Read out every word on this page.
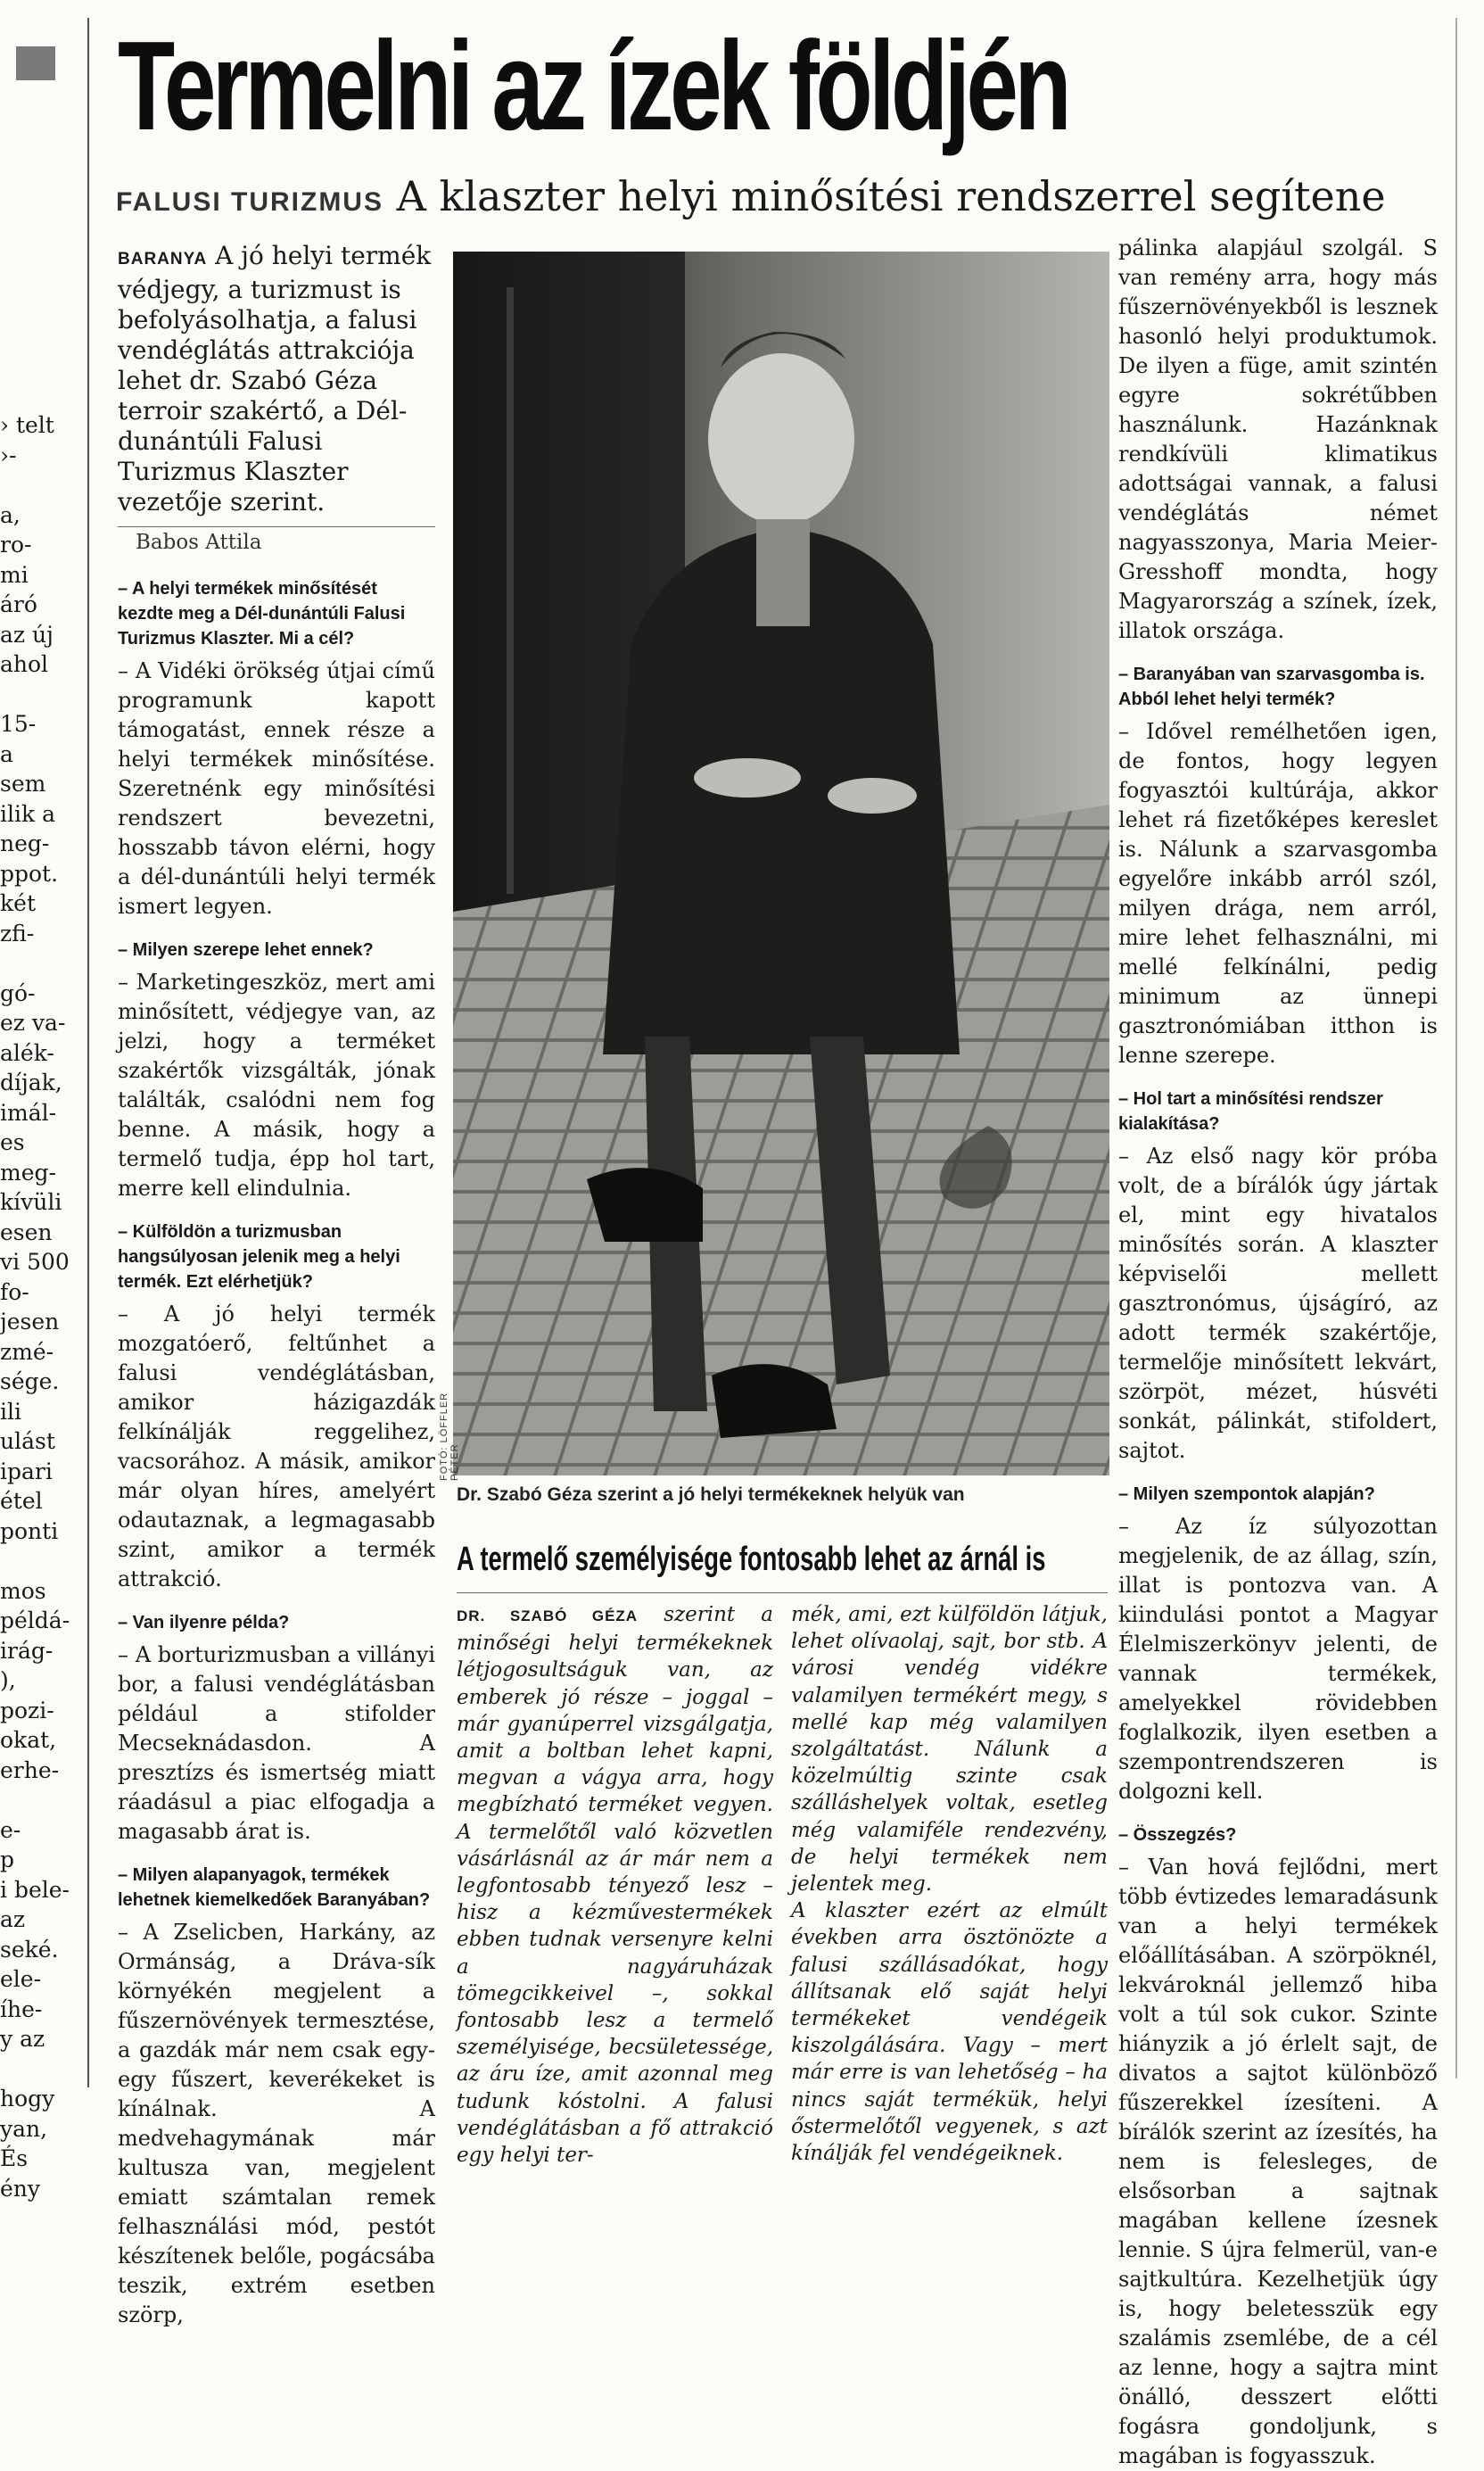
Termelni az ízek földjén
FALUSI TURIZMUS A klaszter helyi minősítési rendszerrel segítene
› telt
›-
a,
ro-
mi
áró
az új
ahol
15-
a
sem
ilik a
neg-
ppot.
két
zfi-
gó-
ez va-
alék-
díjak,
imál-
es
meg-
kívüli
esen
vi 500
fo-
jesen
zmé-
sége.
ili
ulást
ipari
étel
ponti
mos
példá-
irág-
),
pozi-
okat,
erhe-
e-
p
i bele-
az
seké.
ele-
íhe-
y az
hogy
yan,
És
ény
BARANYA A jó helyi termék védjegy, a turizmust is befolyásolhatja, a falusi vendéglátás attrakciója lehet dr. Szabó Géza terroir szakértő, a Dél-dunántúli Falusi Turizmus Klaszter vezetője szerint.
Babos Attila
– A helyi termékek minősítését kezdte meg a Dél-dunántúli Falusi Turizmus Klaszter. Mi a cél?

– A Vidéki örökség útjai című programunk kapott támogatást, ennek része a helyi termékek minősítése. Szeretnénk egy minősítési rendszert bevezetni, hosszabb távon elérni, hogy a dél-dunántúli helyi termék ismert legyen.

– Milyen szerepe lehet ennek?

– Marketingeszköz, mert ami minősített, védjegye van, az jelzi, hogy a terméket szakértők vizsgálták, jónak találták, csalódni nem fog benne. A másik, hogy a termelő tudja, épp hol tart, merre kell elindulnia.

– Külföldön a turizmusban hangsúlyosan jelenik meg a helyi termék. Ezt elérhetjük?

– A jó helyi termék mozgatóerő, feltűnhet a falusi vendéglátásban, amikor házigazdák felkínálják reggelihez, vacsorához. A másik, amikor már olyan híres, amelyért odautaznak, a legmagasabb szint, amikor a termék attrakció.

– Van ilyenre példa?

– A borturizmusban a villányi bor, a falusi vendéglátásban például a stifolder Mecseknádasdon. A presztízs és ismertség miatt ráadásul a piac elfogadja a magasabb árat is.

– Milyen alapanyagok, termékek lehetnek kiemelkedőek Baranyában?

– A Zselicben, Harkány, az Ormánság, a Dráva-sík környékén megjelent a fűszernövények termesztése, a gazdák már nem csak egy-egy fűszert, keverékeket is kínálnak. A medvehagymának már kultusza van, megjelent emiatt számtalan remek felhasználási mód, pestót készítenek belőle, pogácsába teszik, extrém esetben szörp,

FOTÓ: LÖFFLER PÉTER
Dr. Szabó Géza szerint a jó helyi termékeknek helyük van
A termelő személyisége fontosabb lehet az árnál is
DR. SZABÓ GÉZA szerint a minőségi helyi termékeknek létjogosultságuk van, az emberek jó része – joggal – már gyanúperrel vizsgálgatja, amit a boltban lehet kapni, megvan a vágya arra, hogy megbízható terméket vegyen. A termelőtől való közvetlen vásárlásnál az ár már nem a legfontosabb tényező lesz – hisz a kézművestermékek ebben tudnak versenyre kelni a nagyáruházak tömegcikkeivel –, sokkal fontosabb lesz a termelő személyisége, becsületessége, az áru íze, amit azonnal meg tudunk kóstolni. A falusi vendéglátásban a fő attrakció egy helyi ter-

mék, ami, ezt külföldön látjuk, lehet olívaolaj, sajt, bor stb. A városi vendég vidékre valamilyen termékért megy, s mellé kap még valamilyen szolgáltatást. Nálunk a közelmúltig szinte csak szálláshelyek voltak, esetleg még valamiféle rendezvény, de helyi termékek nem jelentek meg.

A klaszter ezért az elmúlt években arra ösztönözte a falusi szállásadókat, hogy állítsanak elő saját helyi termékeket vendégeik kiszolgálására. Vagy – mert már erre is van lehetőség – ha nincs saját termékük, helyi őstermelőtől vegyenek, s azt kínálják fel vendégeiknek.

pálinka alapjául szolgál. S van remény arra, hogy más fűszernövényekből is lesznek hasonló helyi produktumok. De ilyen a füge, amit szintén egyre sokrétűbben használunk. Hazánknak rendkívüli klimatikus adottságai vannak, a falusi vendéglátás német nagyasszonya, Maria Meier-Gresshoff mondta, hogy Magyarország a színek, ízek, illatok országa.

– Baranyában van szarvasgomba is. Abból lehet helyi termék?

– Idővel remélhetően igen, de fontos, hogy legyen fogyasztói kultúrája, akkor lehet rá fizetőképes kereslet is. Nálunk a szarvasgomba egyelőre inkább arról szól, milyen drága, nem arról, mire lehet felhasználni, mi mellé felkínálni, pedig minimum az ünnepi gasztronómiában itthon is lenne szerepe.

– Hol tart a minősítési rendszer kialakítása?

– Az első nagy kör próba volt, de a bírálók úgy jártak el, mint egy hivatalos minősítés során. A klaszter képviselői mellett gasztronómus, újságíró, az adott termék szakértője, termelője minősített lekvárt, szörpöt, mézet, húsvéti sonkát, pálinkát, stifoldert, sajtot.

– Milyen szempontok alapján?

– Az íz súlyozottan megjelenik, de az állag, szín, illat is pontozva van. A kiindulási pontot a Magyar Élelmiszerkönyv jelenti, de vannak termékek, amelyekkel rövidebben foglalkozik, ilyen esetben a szempontrendszeren is dolgozni kell.

– Összegzés?

– Van hová fejlődni, mert több évtizedes lemaradásunk van a helyi termékek előállításában. A szörpöknél, lekvároknál jellemző hiba volt a túl sok cukor. Szinte hiányzik a jó érlelt sajt, de divatos a sajtot különböző fűszerekkel ízesíteni. A bírálók szerint az ízesítés, ha nem is felesleges, de elsősorban a sajtnak magában kellene ízesnek lennie. S újra felmerül, van-e sajtkultúra. Kezelhetjük úgy is, hogy beletesszük egy szalámis zsemlébe, de a cél az lenne, hogy a sajtra mint önálló, desszert előtti fogásra gondoljunk, s magában is fogyasszuk.
